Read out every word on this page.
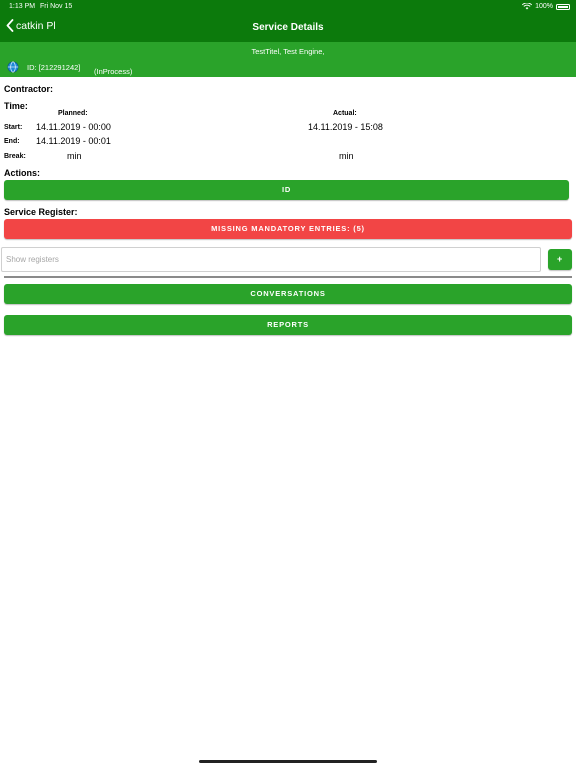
1:13 PM Fri Nov 15	100%
catkin Pl	Service Details
TestTitel, Test Engine,
ID: [212291242] (InProcess)
Contractor:
Time:
Planned:	Actual:
Start: 14.11.2019 - 00:00	14.11.2019 - 15:08
End: 14.11.2019 - 00:01
Break:	min	min
Actions:
ID
Service Register:
MISSING MANDATORY ENTRIES: (5)
Show registers
+
CONVERSATIONS
REPORTS
